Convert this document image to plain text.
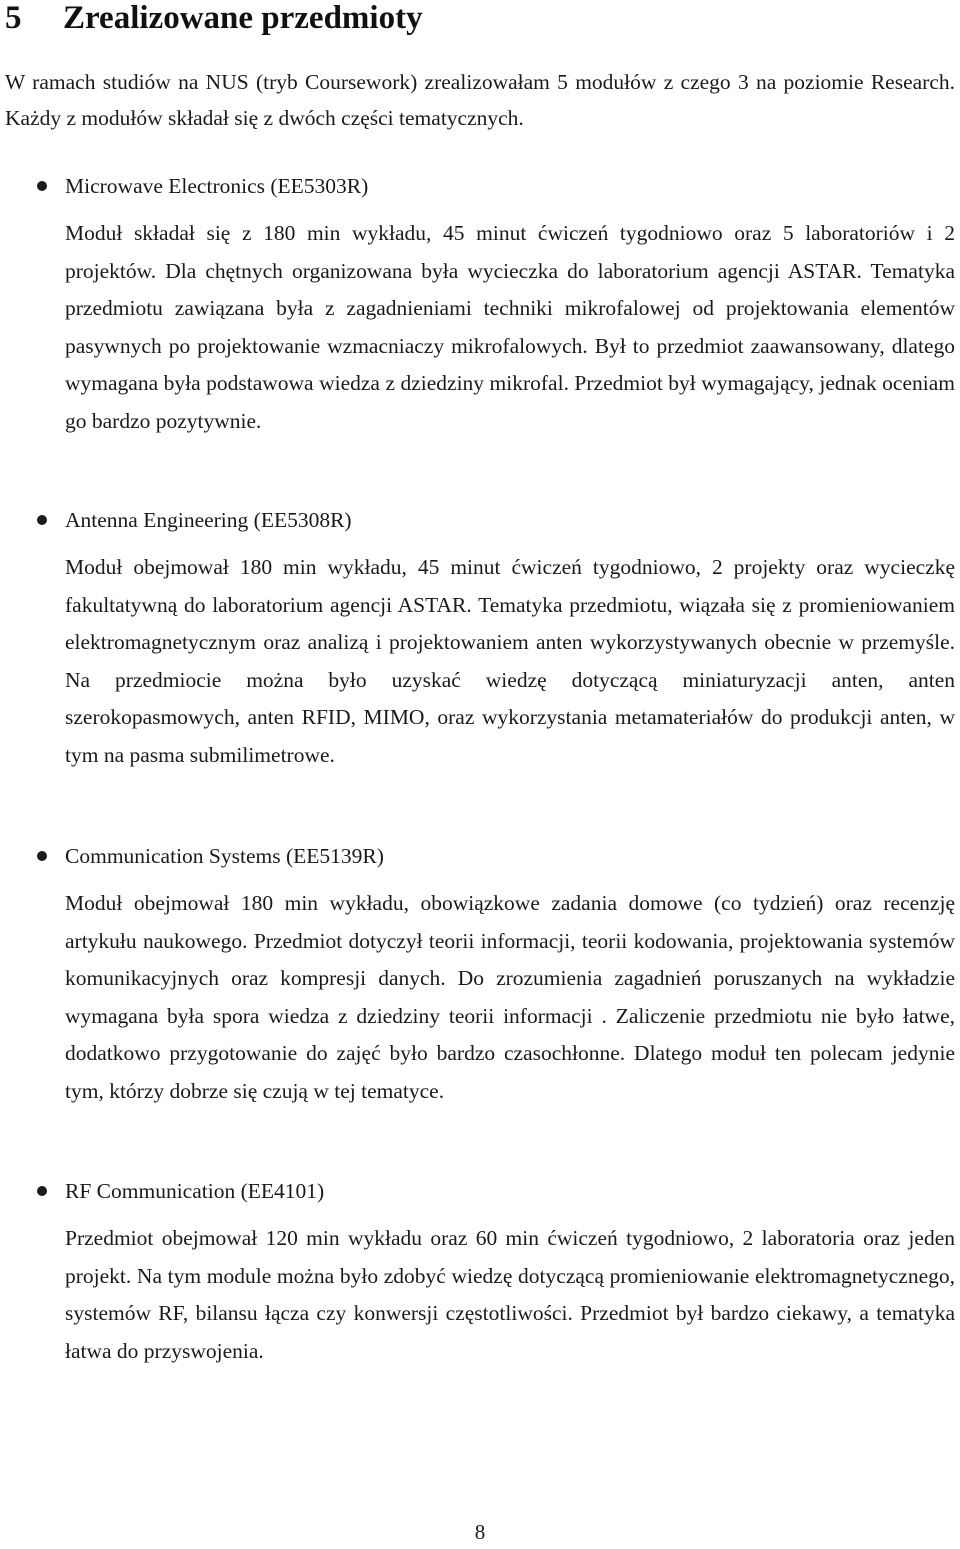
5 Zrealizowane przedmioty

W ramach studiów na NUS (tryb Coursework) zrealizowałam 5 modułów z czego 3 na poziomie Research. Każdy z modułów składał się z dwóch części tematycznych.

Microwave Electronics (EE5303R)

Moduł składał się z 180 min wykładu, 45 minut ćwiczeń tygodniowo oraz 5 laboratoriów i 2 projektów. Dla chętnych organizowana była wycieczka do laboratorium agencji ASTAR. Tematyka przedmiotu zawiązana była z zagadnieniami techniki mikrofalowej od projektowania elementów pasywnych po projektowanie wzmacniaczy mikrofalowych. Był to przedmiot zaawansowany, dlatego wymagana była podstawowa wiedza z dziedziny mikrofal. Przedmiot był wymagający, jednak oceniam go bardzo pozytywnie.

Antenna Engineering (EE5308R)

Moduł obejmował 180 min wykładu, 45 minut ćwiczeń tygodniowo, 2 projekty oraz wycieczkę fakultatywną do laboratorium agencji ASTAR. Tematyka przedmiotu, wiązała się z promieniowaniem elektromagnetycznym oraz analizą i projektowaniem anten wykorzystywanych obecnie w przemyśle. Na przedmiocie można było uzyskać wiedzę dotyczącą miniaturyzacji anten, anten szerokopasmowych, anten RFID, MIMO, oraz wykorzystania metamateriałów do produkcji anten, w tym na pasma submilimetrowe.

Communication Systems (EE5139R)

Moduł obejmował 180 min wykładu, obowiązkowe zadania domowe (co tydzień) oraz recenzję artykułu naukowego. Przedmiot dotyczył teorii informacji, teorii kodowania, projektowania systemów komunikacyjnych oraz kompresji danych. Do zrozumienia zagadnień poruszanych na wykładzie wymagana była spora wiedza z dziedziny teorii informacji . Zaliczenie przedmiotu nie było łatwe, dodatkowo przygotowanie do zajęć było bardzo czasochłonne. Dlatego moduł ten polecam jedynie tym, którzy dobrze się czują w tej tematyce.

RF Communication (EE4101)

Przedmiot obejmował 120 min wykładu oraz 60 min ćwiczeń tygodniowo, 2 laboratoria oraz jeden projekt. Na tym module można było zdobyć wiedzę dotyczącą promieniowanie elektromagnetycznego, systemów RF, bilansu łącza czy konwersji częstotliwości. Przedmiot był bardzo ciekawy, a tematyka łatwa do przyswojenia.

8
